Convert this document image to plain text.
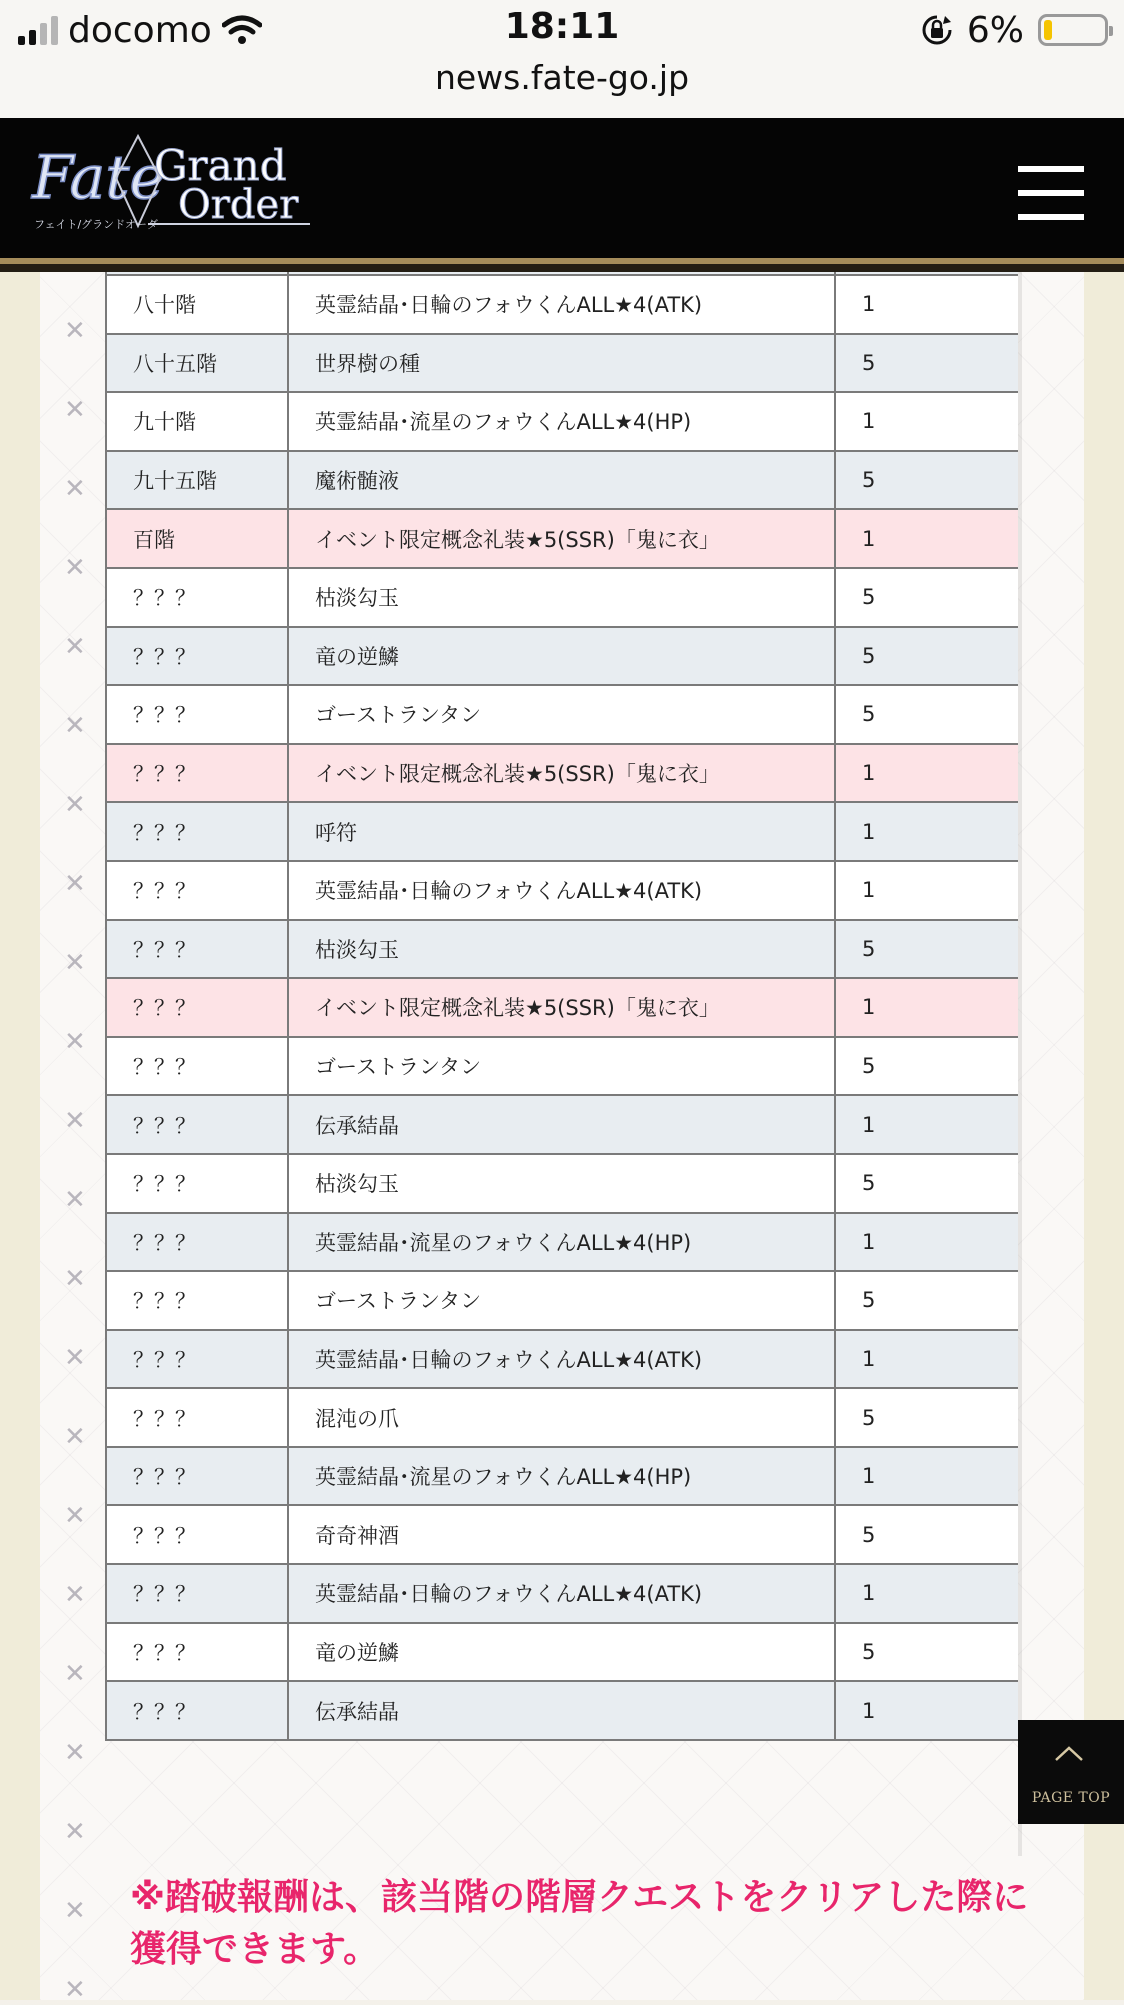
docomo	18:11	6%
news.fate-go.jp
Fate
Grand
Order
フェイト/グランドオーダー
✕
✕
✕
✕
✕
✕
✕
✕
✕
✕
✕
✕
✕
✕
✕
✕
✕
✕
✕
✕
✕
✕

八十階	英霊結晶･日輪のフォウくんALL★4(ATK)	1
八十五階	世界樹の種	5
九十階	英霊結晶･流星のフォウくんALL★4(HP)	1
九十五階	魔術髄液	5
百階	イベント限定概念礼装★5(SSR)「鬼に衣」	1
？？？	枯淡勾玉	5
？？？	竜の逆鱗	5
？？？	ゴーストランタン	5
？？？	イベント限定概念礼装★5(SSR)「鬼に衣」	1
？？？	呼符	1
？？？	英霊結晶･日輪のフォウくんALL★4(ATK)	1
？？？	枯淡勾玉	5
？？？	イベント限定概念礼装★5(SSR)「鬼に衣」	1
？？？	ゴーストランタン	5
？？？	伝承結晶	1
？？？	枯淡勾玉	5
？？？	英霊結晶･流星のフォウくんALL★4(HP)	1
？？？	ゴーストランタン	5
？？？	英霊結晶･日輪のフォウくんALL★4(ATK)	1
？？？	混沌の爪	5
？？？	英霊結晶･流星のフォウくんALL★4(HP)	1
？？？	奇奇神酒	5
？？？	英霊結晶･日輪のフォウくんALL★4(ATK)	1
？？？	竜の逆鱗	5
？？？	伝承結晶	1
※踏破報酬は、該当階の階層クエストをクリアした際に獲得できます。
PAGE TOP
